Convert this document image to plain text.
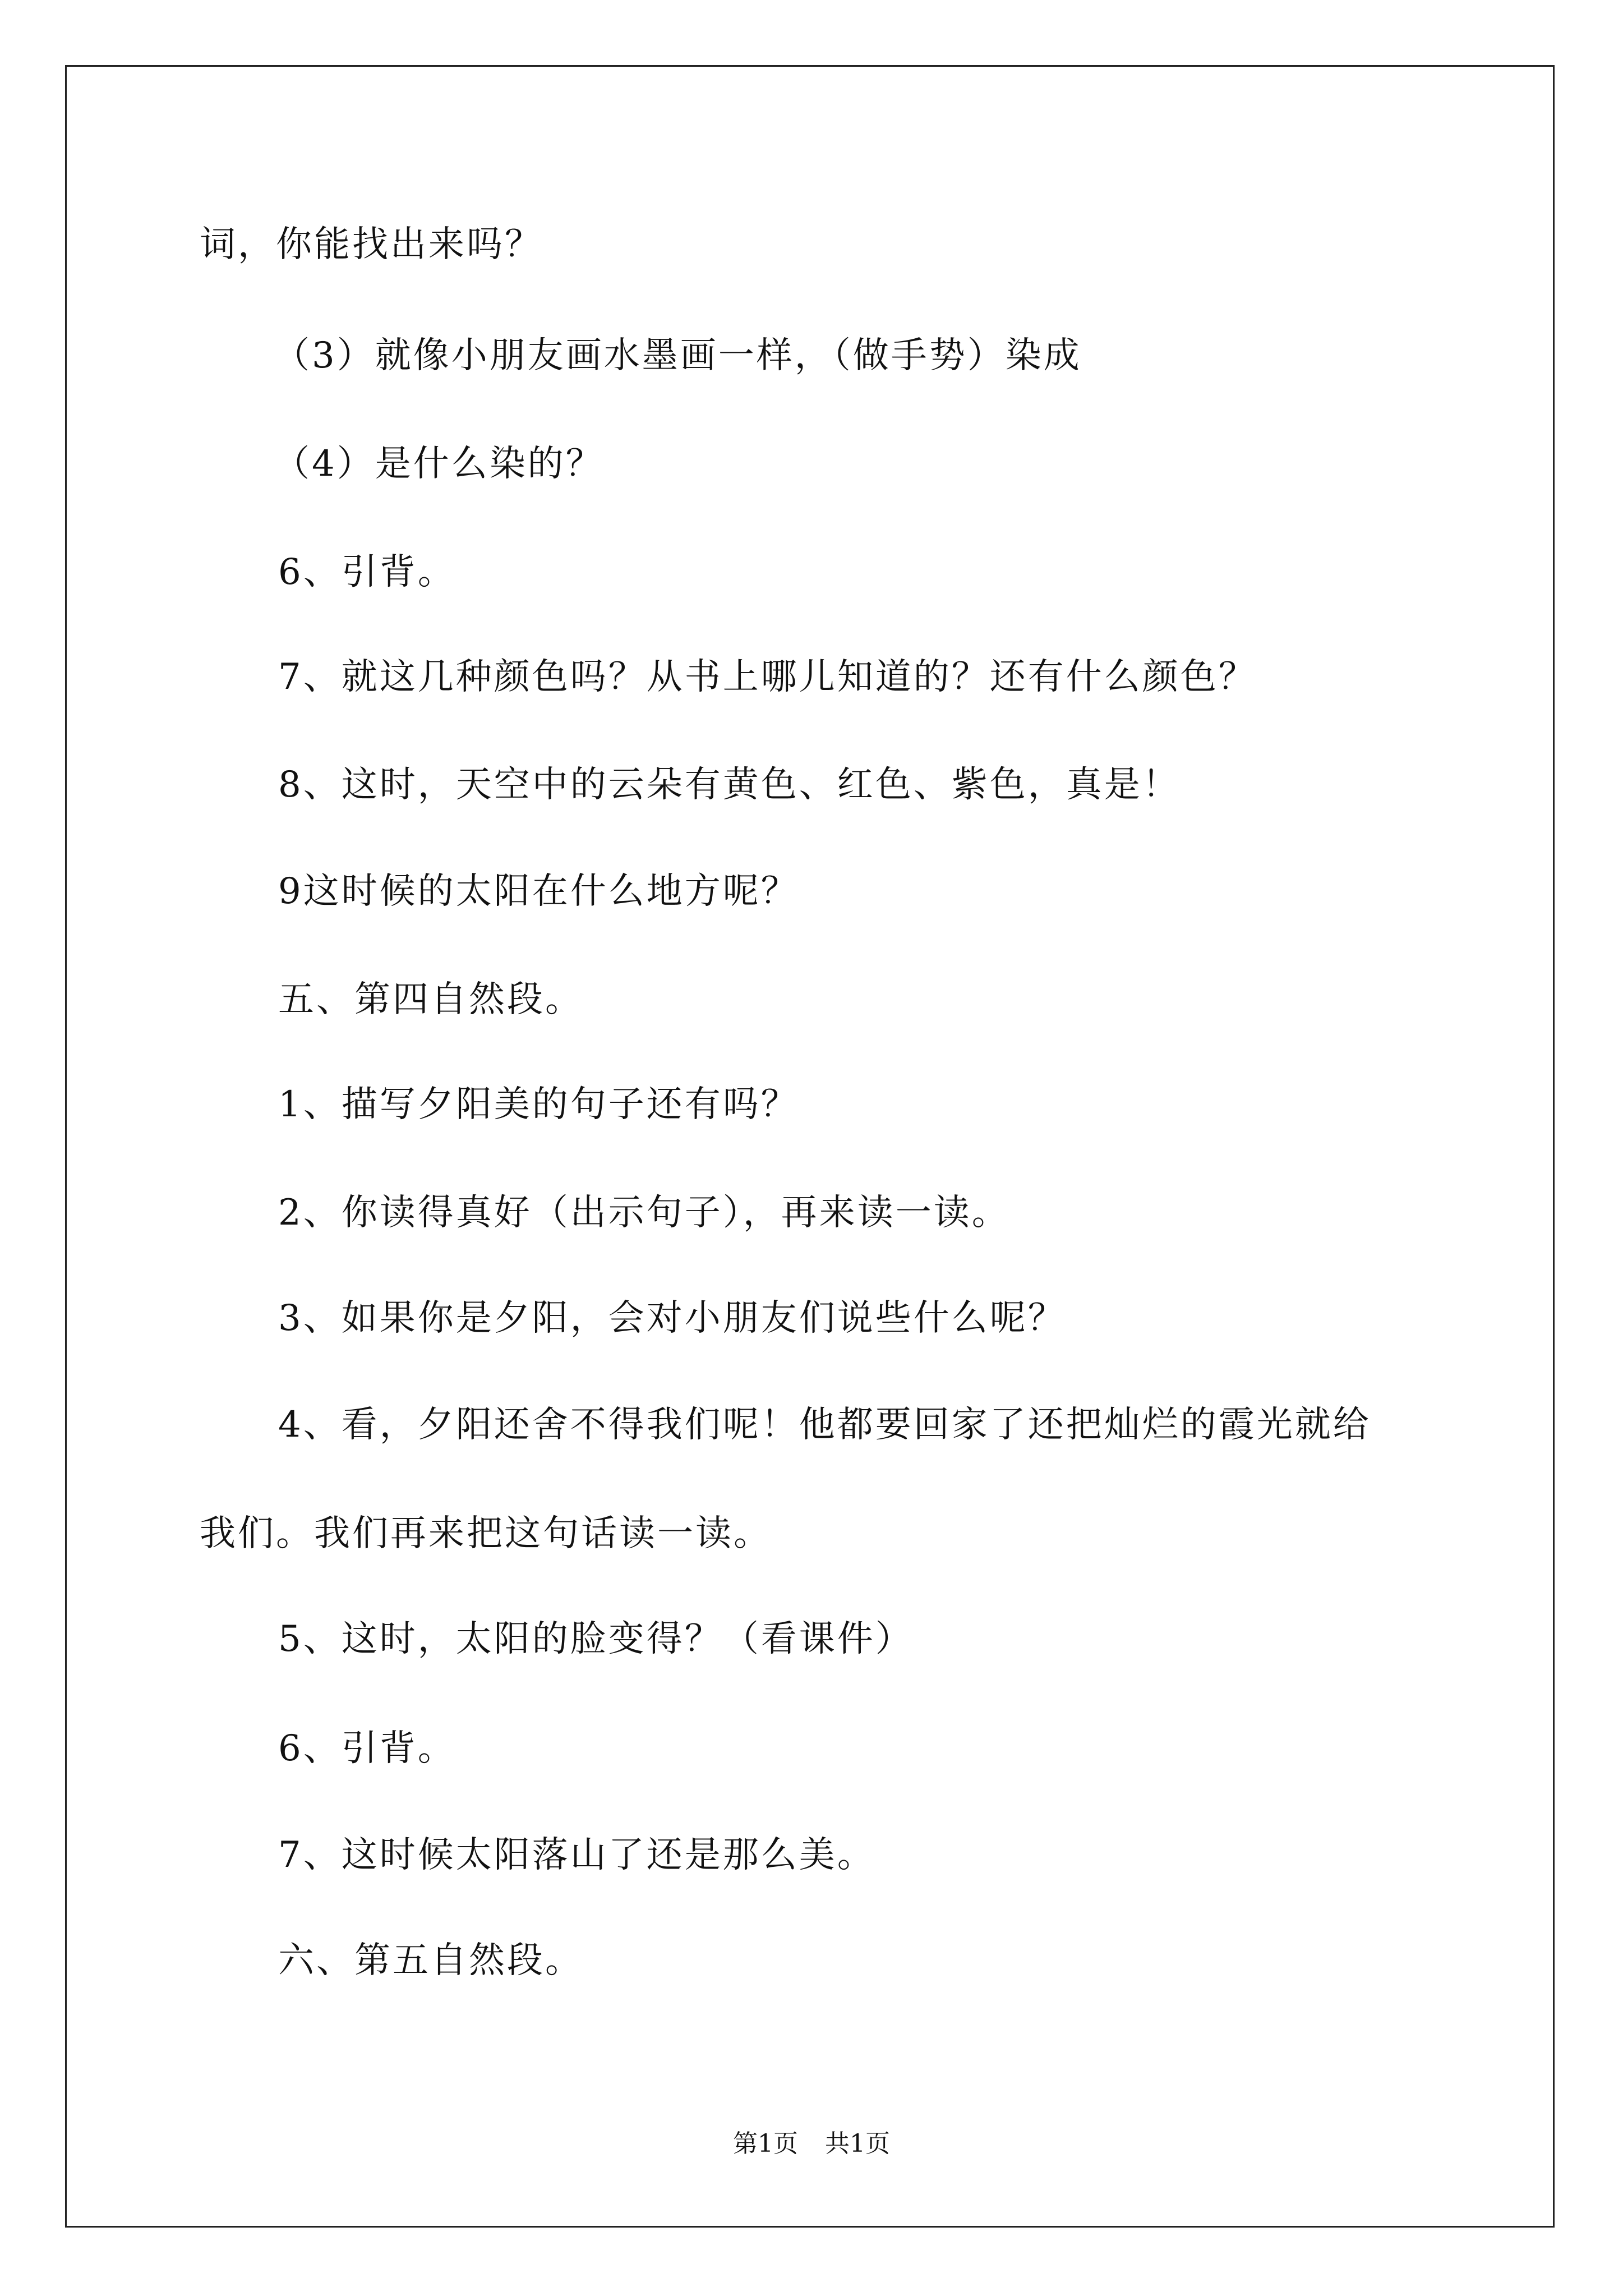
词，你能找出来吗？
（3）就像小朋友画水墨画一样，（做手势）染成
（4）是什么染的？
6、引背。
7、就这几种颜色吗？从书上哪儿知道的？还有什么颜色？
8、这时，天空中的云朵有黄色、红色、紫色，真是！
9这时候的太阳在什么地方呢？
五、第四自然段。
1、描写夕阳美的句子还有吗？
2、你读得真好（出示句子），再来读一读。
3、如果你是夕阳，会对小朋友们说些什么呢？
4、看，夕阳还舍不得我们呢！他都要回家了还把灿烂的霞光就给
我们。我们再来把这句话读一读。
5、这时，太阳的脸变得？（看课件）
6、引背。
7、这时候太阳落山了还是那么美。
六、第五自然段。
第1页 共1页
